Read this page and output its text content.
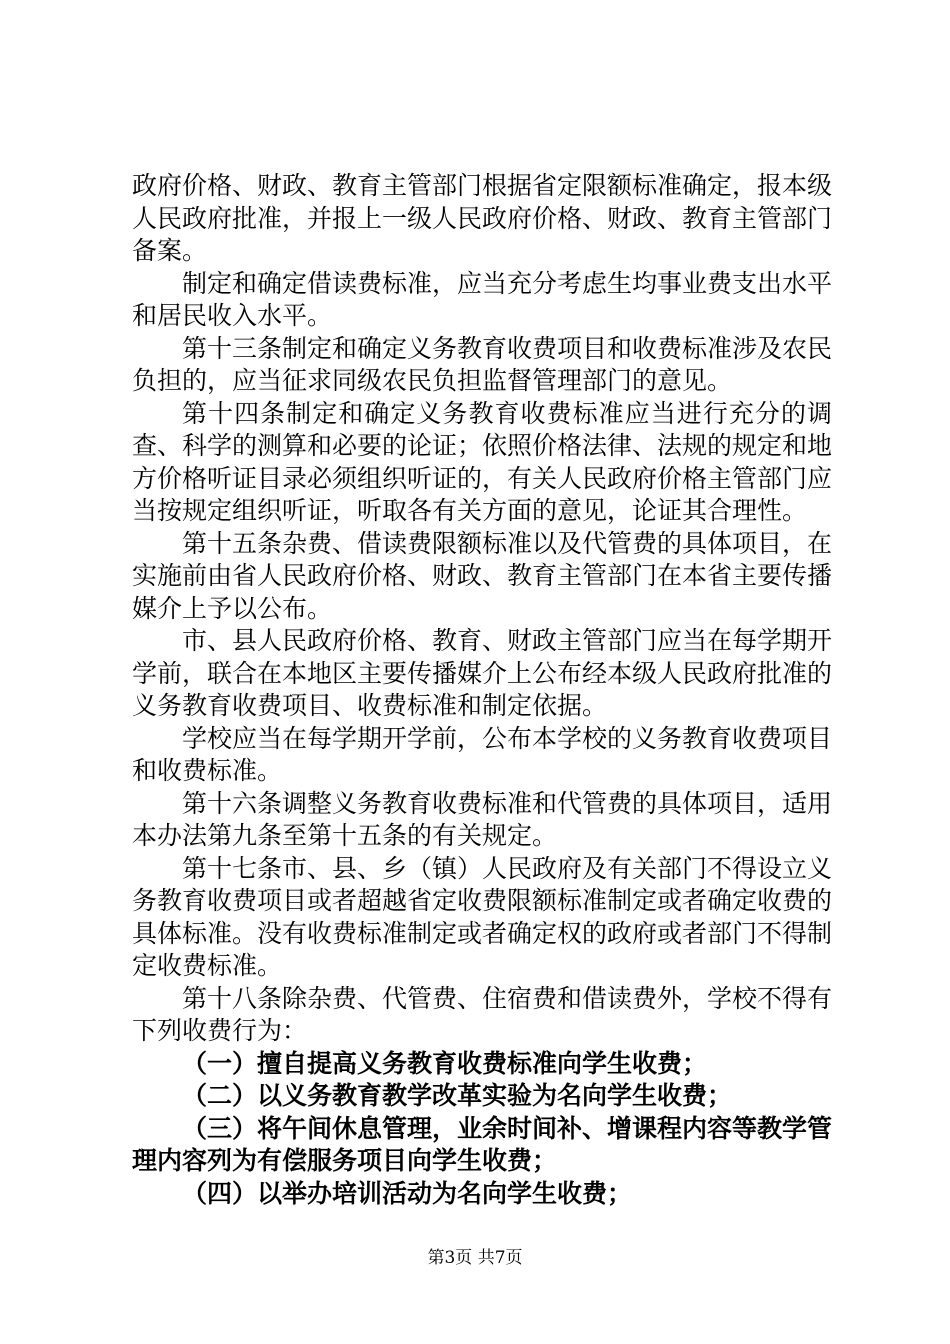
政府价格、财政、教育主管部门根据省定限额标准确定，报本级人民政府批准，并报上一级人民政府价格、财政、教育主管部门备案。

制定和确定借读费标准，应当充分考虑生均事业费支出水平和居民收入水平。

第十三条制定和确定义务教育收费项目和收费标准涉及农民负担的，应当征求同级农民负担监督管理部门的意见。

第十四条制定和确定义务教育收费标准应当进行充分的调查、科学的测算和必要的论证；依照价格法律、法规的规定和地方价格听证目录必须组织听证的，有关人民政府价格主管部门应当按规定组织听证，听取各有关方面的意见，论证其合理性。

第十五条杂费、借读费限额标准以及代管费的具体项目，在实施前由省人民政府价格、财政、教育主管部门在本省主要传播媒介上予以公布。

市、县人民政府价格、教育、财政主管部门应当在每学期开学前，联合在本地区主要传播媒介上公布经本级人民政府批准的义务教育收费项目、收费标准和制定依据。

学校应当在每学期开学前，公布本学校的义务教育收费项目和收费标准。

第十六条调整义务教育收费标准和代管费的具体项目，适用本办法第九条至第十五条的有关规定。

第十七条市、县、乡（镇）人民政府及有关部门不得设立义务教育收费项目或者超越省定收费限额标准制定或者确定收费的具体标准。没有收费标准制定或者确定权的政府或者部门不得制定收费标准。

第十八条除杂费、代管费、住宿费和借读费外，学校不得有下列收费行为：

（一）擅自提高义务教育收费标准向学生收费；

（二）以义务教育教学改革实验为名向学生收费；

（三）将午间休息管理，业余时间补、增课程内容等教学管理内容列为有偿服务项目向学生收费；

（四）以举办培训活动为名向学生收费；

第3页 共7页
